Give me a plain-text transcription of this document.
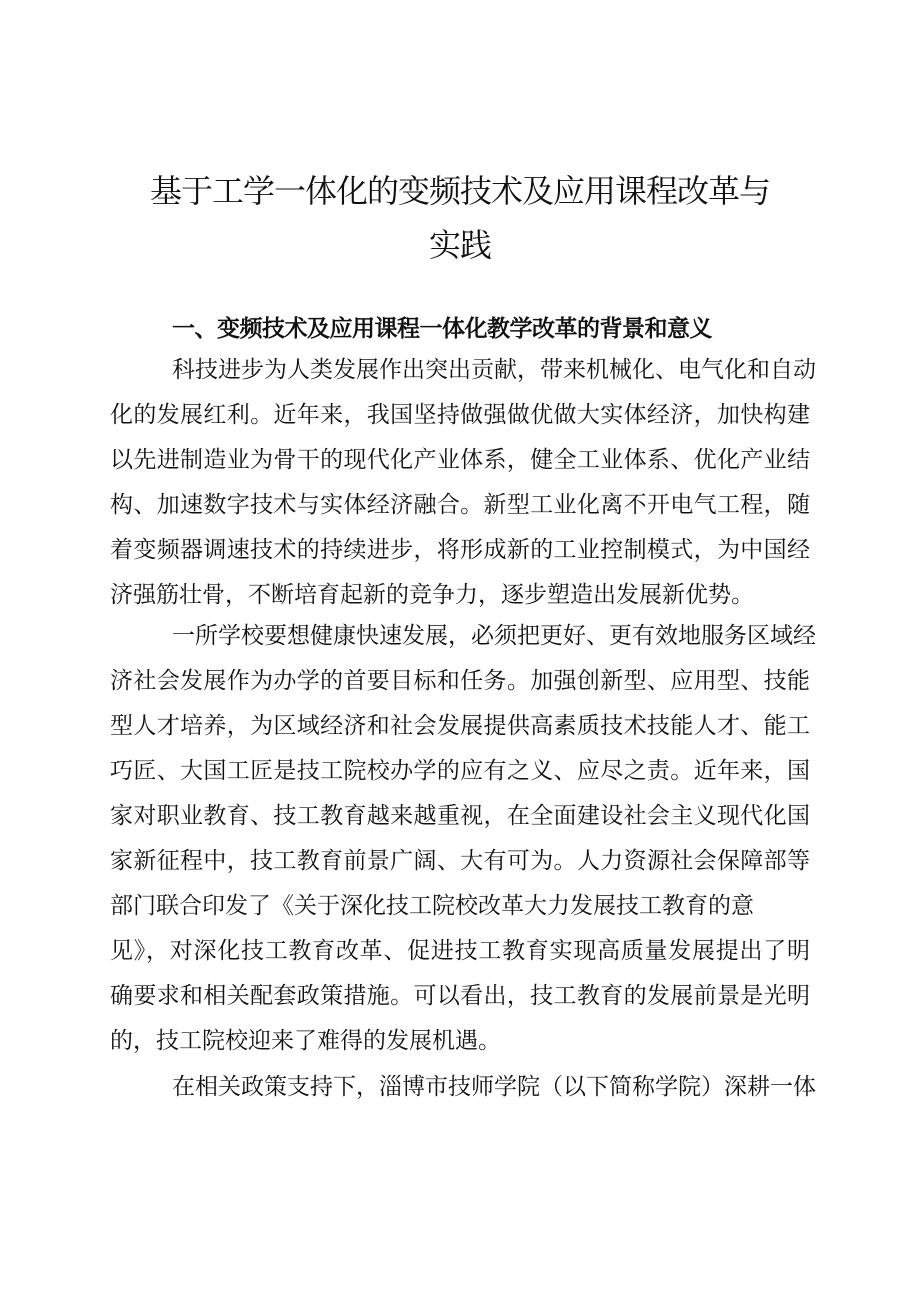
基于工学一体化的变频技术及应用课程改革与
实践
一、变频技术及应用课程一体化教学改革的背景和意义
科技进步为人类发展作出突出贡献，带来机械化、电气化和自动
化的发展红利。近年来，我国坚持做强做优做大实体经济，加快构建
以先进制造业为骨干的现代化产业体系，健全工业体系、优化产业结
构、加速数字技术与实体经济融合。新型工业化离不开电气工程，随
着变频器调速技术的持续进步，将形成新的工业控制模式，为中国经
济强筋壮骨，不断培育起新的竞争力，逐步塑造出发展新优势。
一所学校要想健康快速发展，必须把更好、更有效地服务区域经
济社会发展作为办学的首要目标和任务。加强创新型、应用型、技能
型人才培养，为区域经济和社会发展提供高素质技术技能人才、能工
巧匠、大国工匠是技工院校办学的应有之义、应尽之责。近年来，国
家对职业教育、技工教育越来越重视，在全面建设社会主义现代化国
家新征程中，技工教育前景广阔、大有可为。人力资源社会保障部等
部门联合印发了《关于深化技工院校改革大力发展技工教育的意
见》，对深化技工教育改革、促进技工教育实现高质量发展提出了明
确要求和相关配套政策措施。可以看出，技工教育的发展前景是光明
的，技工院校迎来了难得的发展机遇。
在相关政策支持下，淄博市技师学院（以下简称学院）深耕一体
